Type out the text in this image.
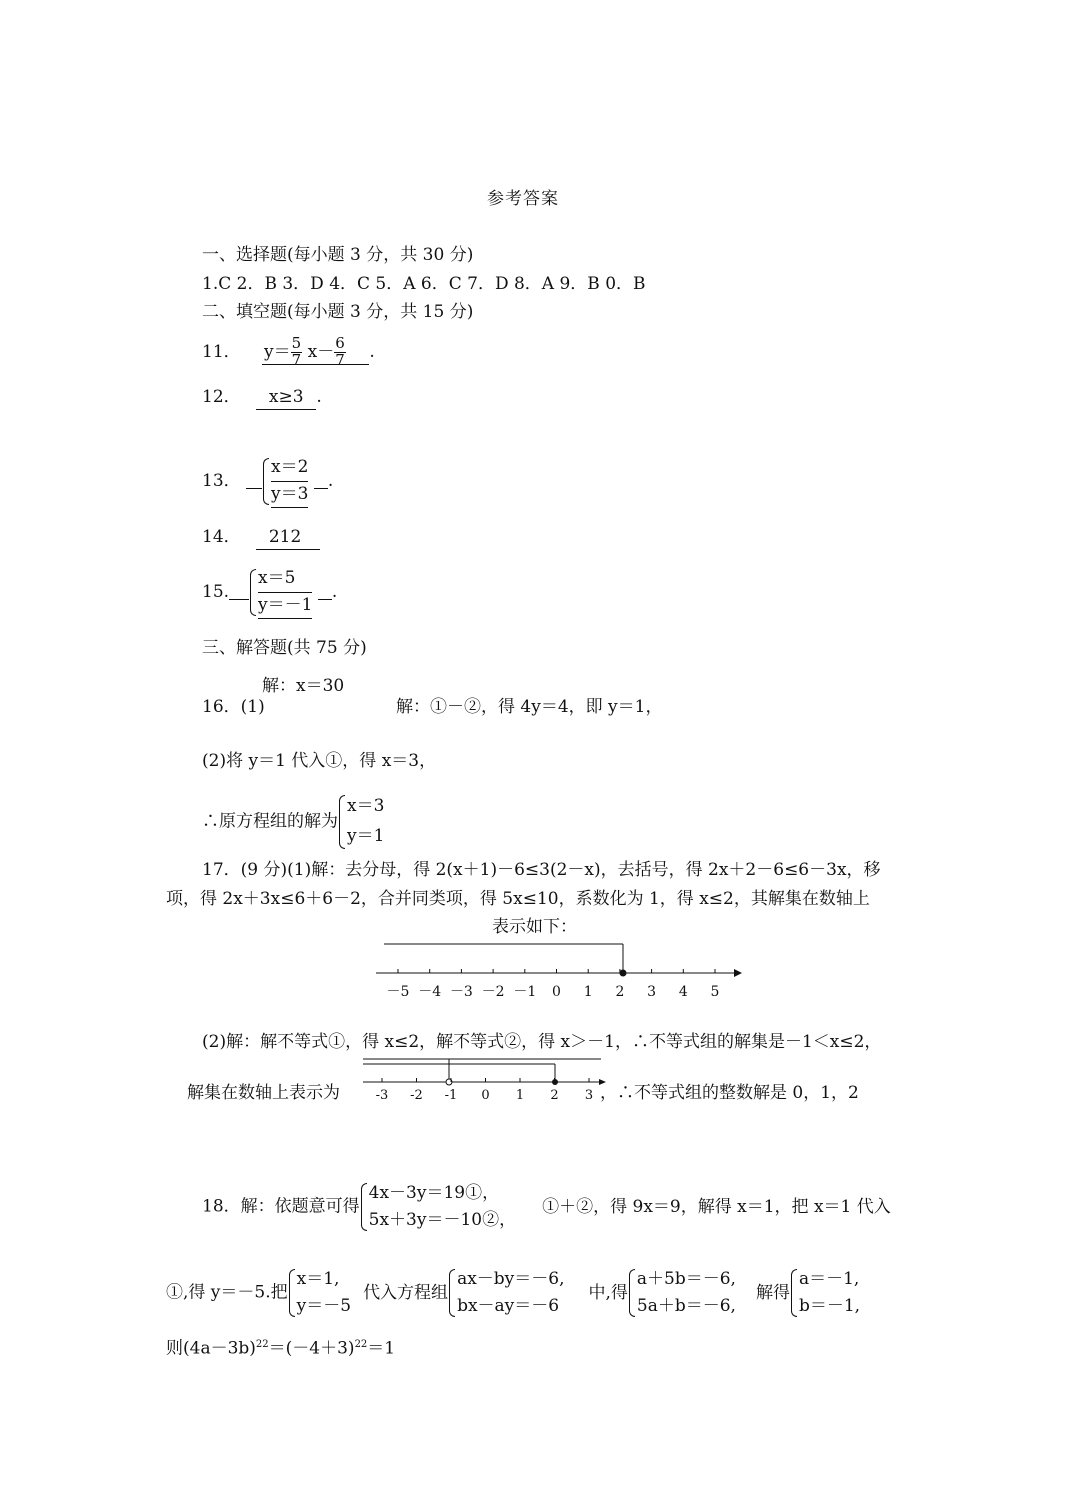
参考答案
一、选择题(每小题 3 分，共 30 分)
1.C 2．B 3．D 4．C 5．A 6．C 7．D 8．A 9．B 0．B
二、填空题(每小题 3 分，共 15 分)
11． $y= \frac{5}{7} x- \frac{6}{7}$ .
12． x≥3 .
13． $\frac{x=2}{y=3}$ .
14． 212
15. $\frac{x=5}{y=-1}$ .
三、解答题(共 75 分)
解：x＝30
16．(1)	解：①－②，得 4y＝4，即 y＝1，
(2)将 y＝1 代入①，得 x＝3，
∴原方程组的解为
x＝3
y＝1
17．(9 分)(1)解：去分母，得 2(x＋1)－6≤3(2－x)，去括号，得 2x＋2－6≤6－3x，移
项，得 2x＋3x≤6＋6－2，合并同类项，得 5x≤10，系数化为 1，得 x≤2，其解集在数轴上
表示如下：
－5 －4 －3 －2 －1 0 1 2 3 4 5
(2)解：解不等式①，得 x≤2，解不等式②，得 x＞－1，∴不等式组的解集是－1＜x≤2，
解集在数轴上表示为	-3 -2 -1 0 1 2 3 ，∴不等式组的整数解是 0，1，2
18．解：依题意可得
4x－3y＝19①，
5x＋3y＝－10②，
①＋②，得 9x＝9，解得 x＝1，把 x＝1 代入
①,得 y＝－5.把
x＝1,
y＝－5
代入方程组
ax－by＝－6,
bx－ay＝－6
中,得
a＋5b＝－6,
5a＋b＝－6,
解得
a＝－1,
b＝－1,
则$(4a-3b)^{22}=(-4+3)^{22}=1$
